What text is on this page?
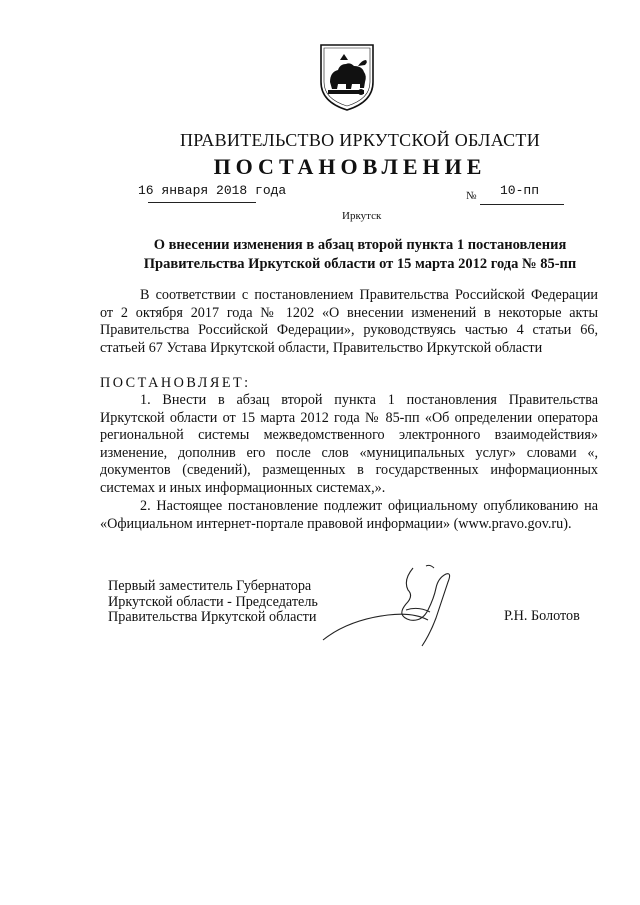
ПРАВИТЕЛЬСТВО ИРКУТСКОЙ ОБЛАСТИ
ПОСТАНОВЛЕНИЕ
16 января 2018 года	№ 10-пп
Иркутск
О внесении изменения в абзац второй пункта 1 постановления
Правительства Иркутской области от 15 марта 2012 года № 85-пп
В соответствии с постановлением Правительства Российской Федерации от 2 октября 2017 года № 1202 «О внесении изменений в некоторые акты Правительства Российской Федерации», руководствуясь частью 4 статьи 66, статьей 67 Устава Иркутской области, Правительство Иркутской области
ПОСТАНОВЛЯЕТ:
1. Внести в абзац второй пункта 1 постановления Правительства Иркутской области от 15 марта 2012 года № 85-пп «Об определении оператора региональной системы межведомственного электронного взаимодействия» изменение, дополнив его после слов «муниципальных услуг» словами «, документов (сведений), размещенных в государственных информационных системах и иных информационных системах,».
2. Настоящее постановление подлежит официальному опубликованию на «Официальном интернет-портале правовой информации» (www.pravo.gov.ru).
Первый заместитель Губернатора
Иркутской области - Председатель
Правительства Иркутской области	Р.Н. Болотов
